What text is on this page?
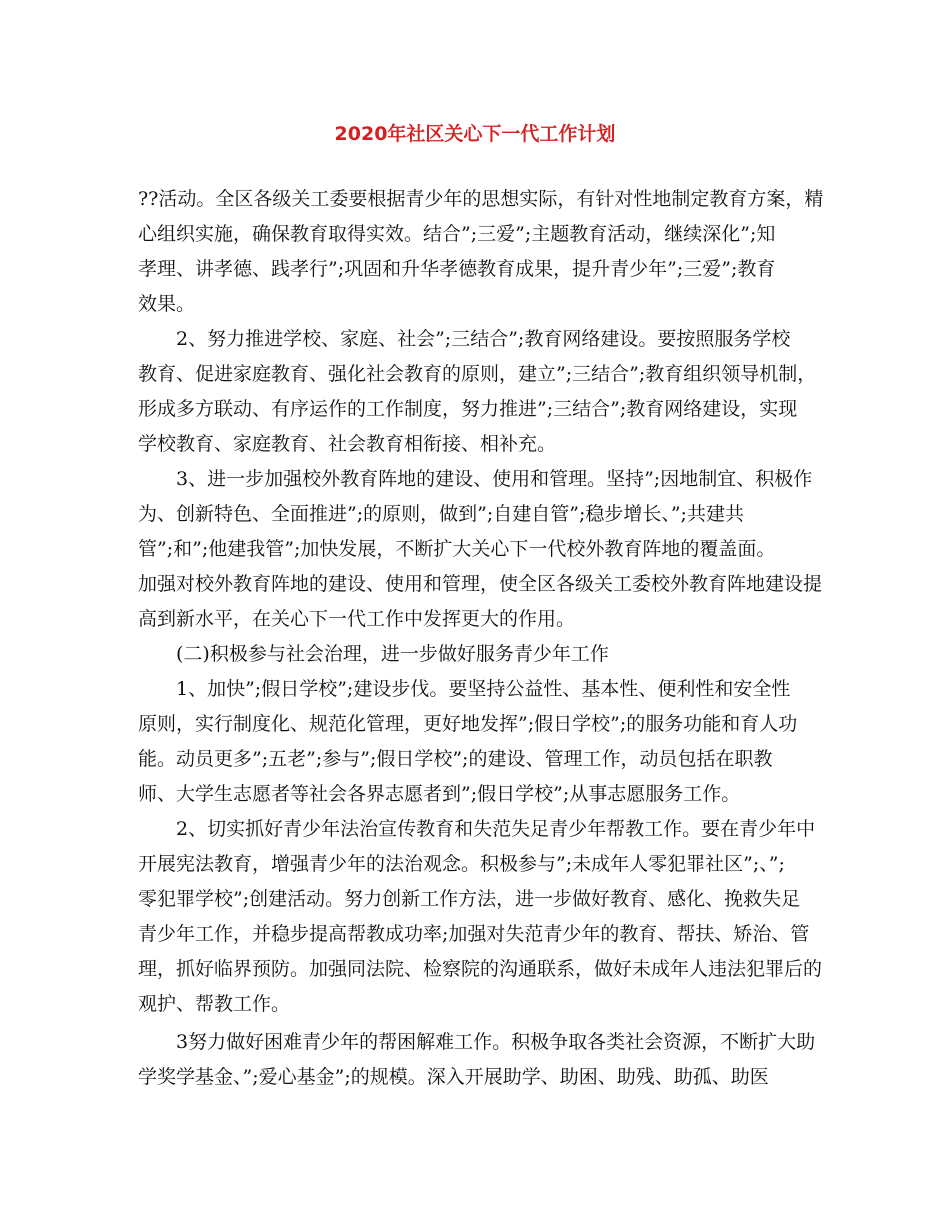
2020年社区关心下一代工作计划
??活动。全区各级关工委要根据青少年的思想实际，有针对性地制定教育方案，精
心组织实施，确保教育取得实效。结合”;三爱”;主题教育活动，继续深化”;知
孝理、讲孝德、践孝行”;巩固和升华孝德教育成果，提升青少年”;三爱”;教育
效果。
2、努力推进学校、家庭、社会”;三结合”;教育网络建设。要按照服务学校
教育、促进家庭教育、强化社会教育的原则，建立”;三结合”;教育组织领导机制，
形成多方联动、有序运作的工作制度，努力推进”;三结合”;教育网络建设，实现
学校教育、家庭教育、社会教育相衔接、相补充。
3、进一步加强校外教育阵地的建设、使用和管理。坚持”;因地制宜、积极作
为、创新特色、全面推进”;的原则，做到”;自建自管”;稳步增长、”;共建共
管”;和”;他建我管”;加快发展，不断扩大关心下一代校外教育阵地的覆盖面。
加强对校外教育阵地的建设、使用和管理，使全区各级关工委校外教育阵地建设提
高到新水平，在关心下一代工作中发挥更大的作用。
(二)积极参与社会治理，进一步做好服务青少年工作
1、加快”;假日学校”;建设步伐。要坚持公益性、基本性、便利性和安全性
原则，实行制度化、规范化管理，更好地发挥”;假日学校”;的服务功能和育人功
能。动员更多”;五老”;参与”;假日学校”;的建设、管理工作，动员包括在职教
师、大学生志愿者等社会各界志愿者到”;假日学校”;从事志愿服务工作。
2、切实抓好青少年法治宣传教育和失范失足青少年帮教工作。要在青少年中
开展宪法教育，增强青少年的法治观念。积极参与”;未成年人零犯罪社区”;、”;
零犯罪学校”;创建活动。努力创新工作方法，进一步做好教育、感化、挽救失足
青少年工作，并稳步提高帮教成功率;加强对失范青少年的教育、帮扶、矫治、管
理，抓好临界预防。加强同法院、检察院的沟通联系，做好未成年人违法犯罪后的
观护、帮教工作。
3努力做好困难青少年的帮困解难工作。积极争取各类社会资源，不断扩大助
学奖学基金、”;爱心基金”;的规模。深入开展助学、助困、助残、助孤、助医
